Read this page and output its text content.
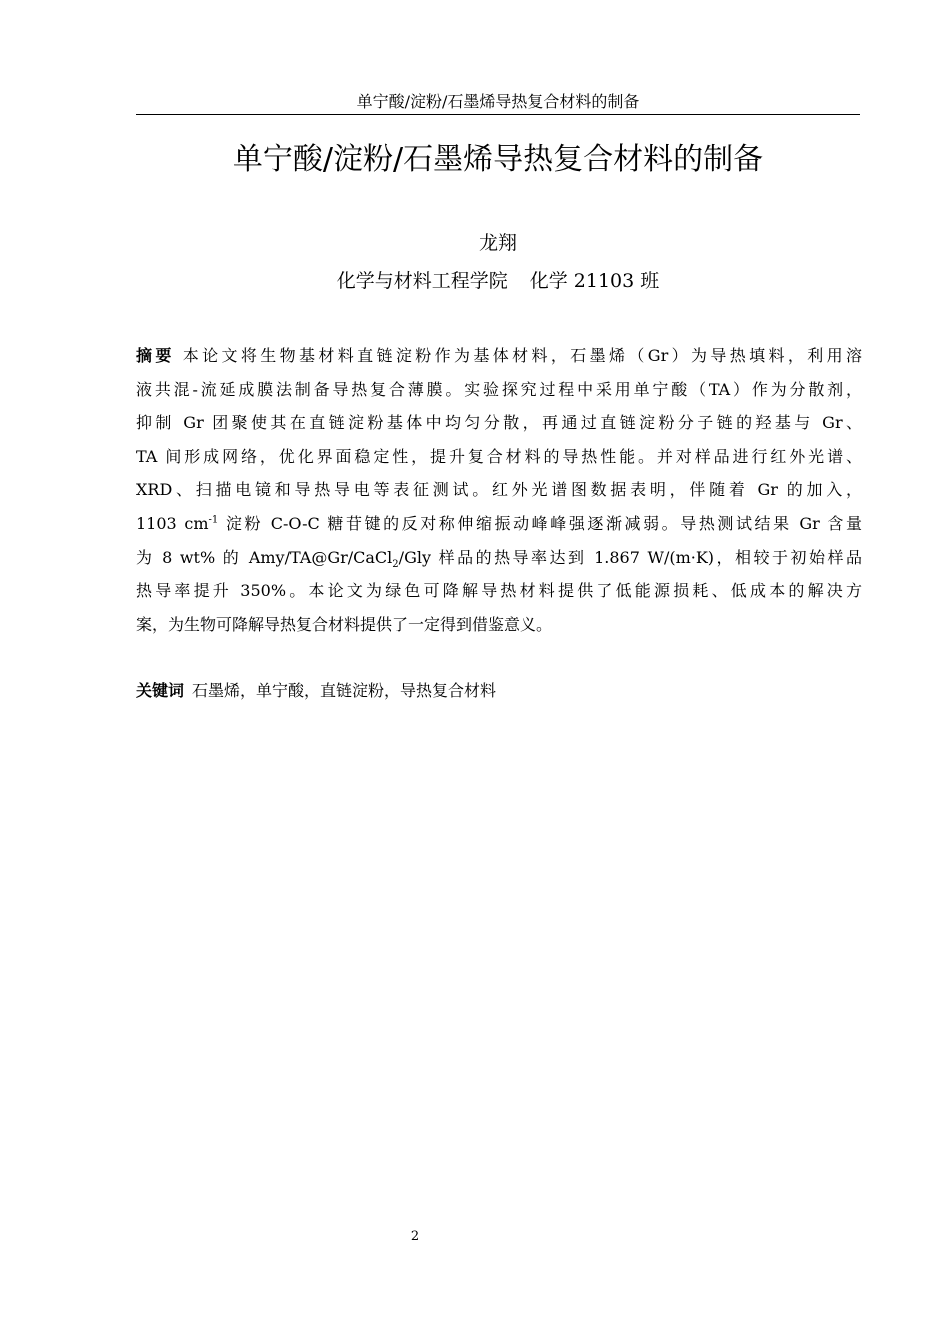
单宁酸/淀粉/石墨烯导热复合材料的制备
单宁酸/淀粉/石墨烯导热复合材料的制备
龙翔
化学与材料工程学院 化学 21103 班
摘要 本论文将生物基材料直链淀粉作为基体材料，石墨烯（Gr）为导热填料，利用溶
液共混-流延成膜法制备导热复合薄膜。实验探究过程中采用单宁酸（TA）作为分散剂，
抑制 Gr 团聚使其在直链淀粉基体中均匀分散，再通过直链淀粉分子链的羟基与 Gr、
TA 间形成网络，优化界面稳定性，提升复合材料的导热性能。并对样品进行红外光谱、
XRD、扫描电镜和导热导电等表征测试。红外光谱图数据表明，伴随着 Gr 的加入，
1103 $cm^{-1}$ 淀粉 C-O-C 糖苷键的反对称伸缩振动峰峰强逐渐减弱。导热测试结果 Gr 含量
为 8 wt% 的 Amy/TA@Gr/CaCl$_2$/Gly 样品的热导率达到 1.867 W/(m·K)，相较于初始样品
热导率提升 350%。本论文为绿色可降解导热材料提供了低能源损耗、低成本的解决方
案，为生物可降解导热复合材料提供了一定得到借鉴意义。
关键词 石墨烯，单宁酸，直链淀粉，导热复合材料
2
